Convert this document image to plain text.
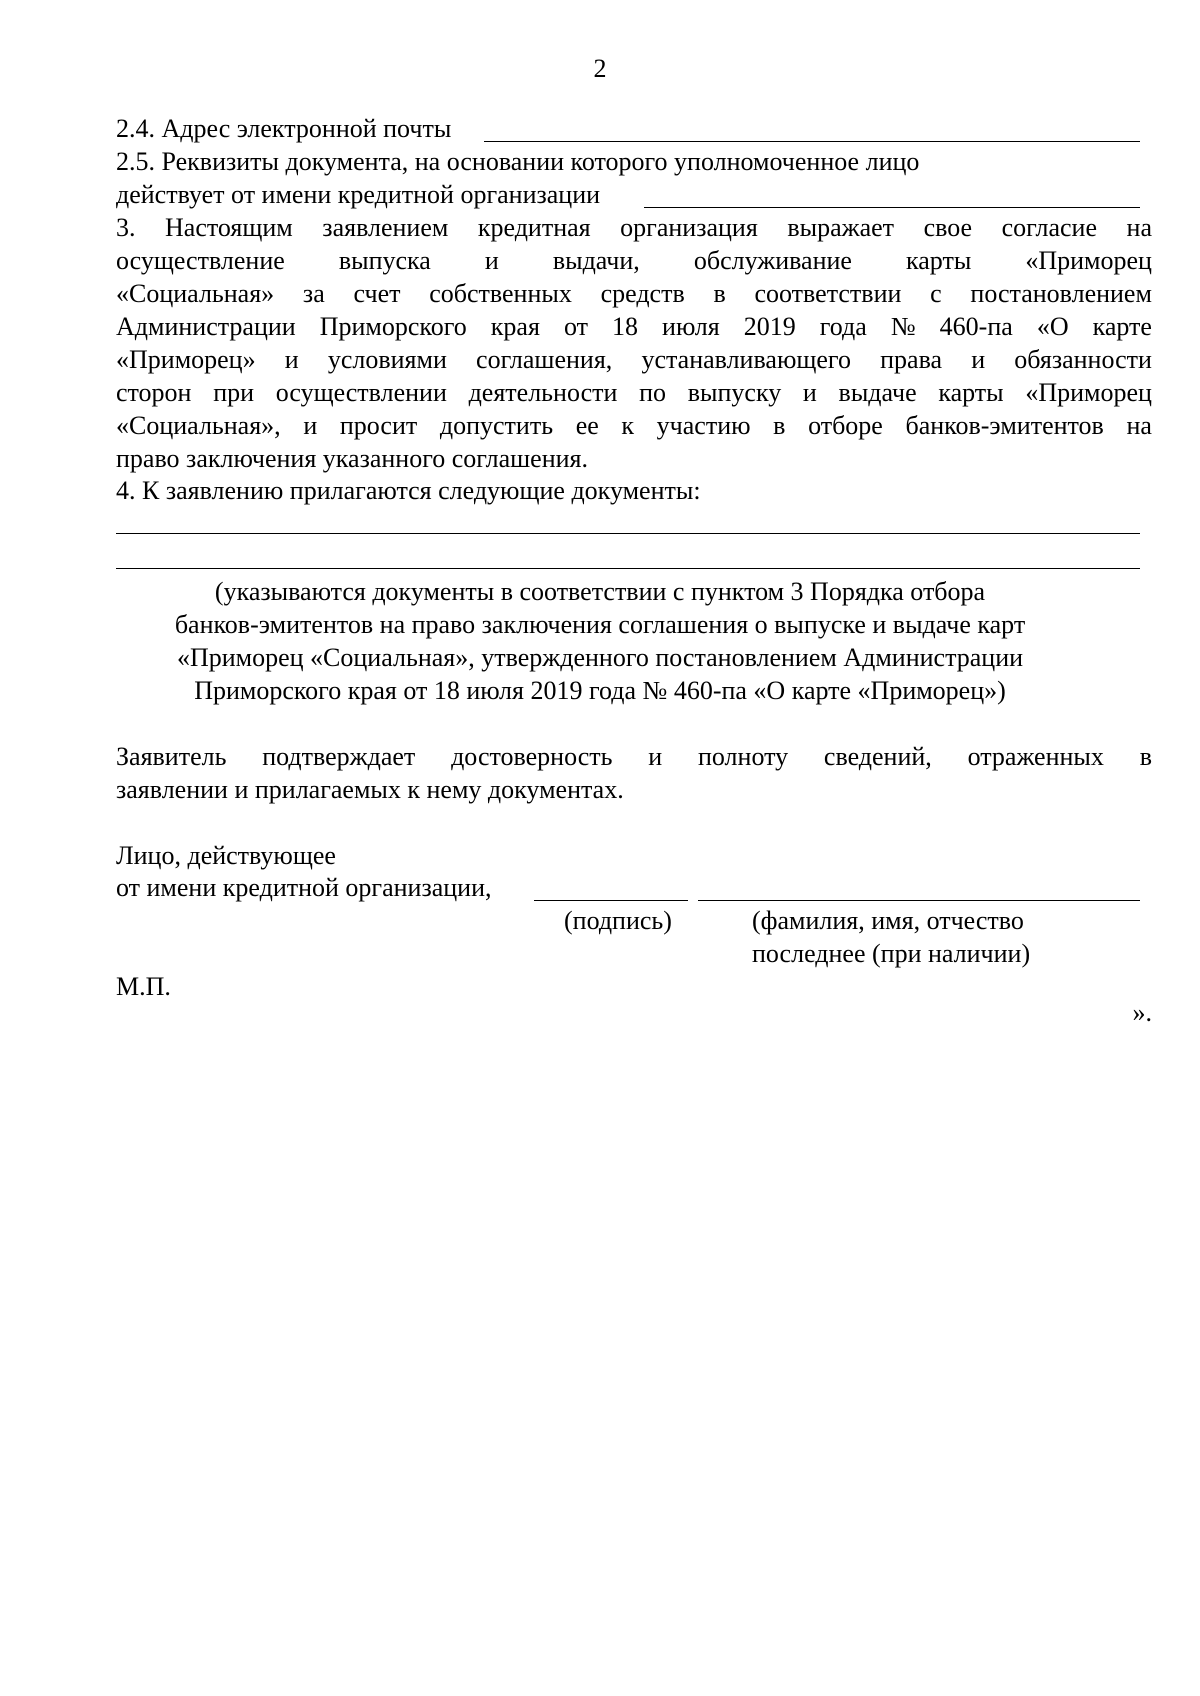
2
2.4. Адрес электронной почты
2.5. Реквизиты документа, на основании которого уполномоченное лицо
действует от имени кредитной организации
3. Настоящим заявлением кредитная организация выражает свое согласие на
осуществление выпуска и выдачи, обслуживание карты «Приморец
«Социальная» за счет собственных средств в соответствии с постановлением
Администрации Приморского края от 18 июля 2019 года № 460-па «О карте
«Приморец» и условиями соглашения, устанавливающего права и обязанности
сторон при осуществлении деятельности по выпуску и выдаче карты «Приморец
«Социальная», и просит допустить ее к участию в отборе банков-эмитентов на
право заключения указанного соглашения.
4. К заявлению прилагаются следующие документы:
(указываются документы в соответствии с пунктом 3 Порядка отбора
банков-эмитентов на право заключения соглашения о выпуске и выдаче карт
«Приморец «Социальная», утвержденного постановлением Администрации
Приморского края от 18 июля 2019 года № 460-па «О карте «Приморец»)
Заявитель подтверждает достоверность и полноту сведений, отраженных в
заявлении и прилагаемых к нему документах.
Лицо, действующее
от имени кредитной организации,
(подпись)	(фамилия, имя, отчество
последнее (при наличии)
М.П.
».
